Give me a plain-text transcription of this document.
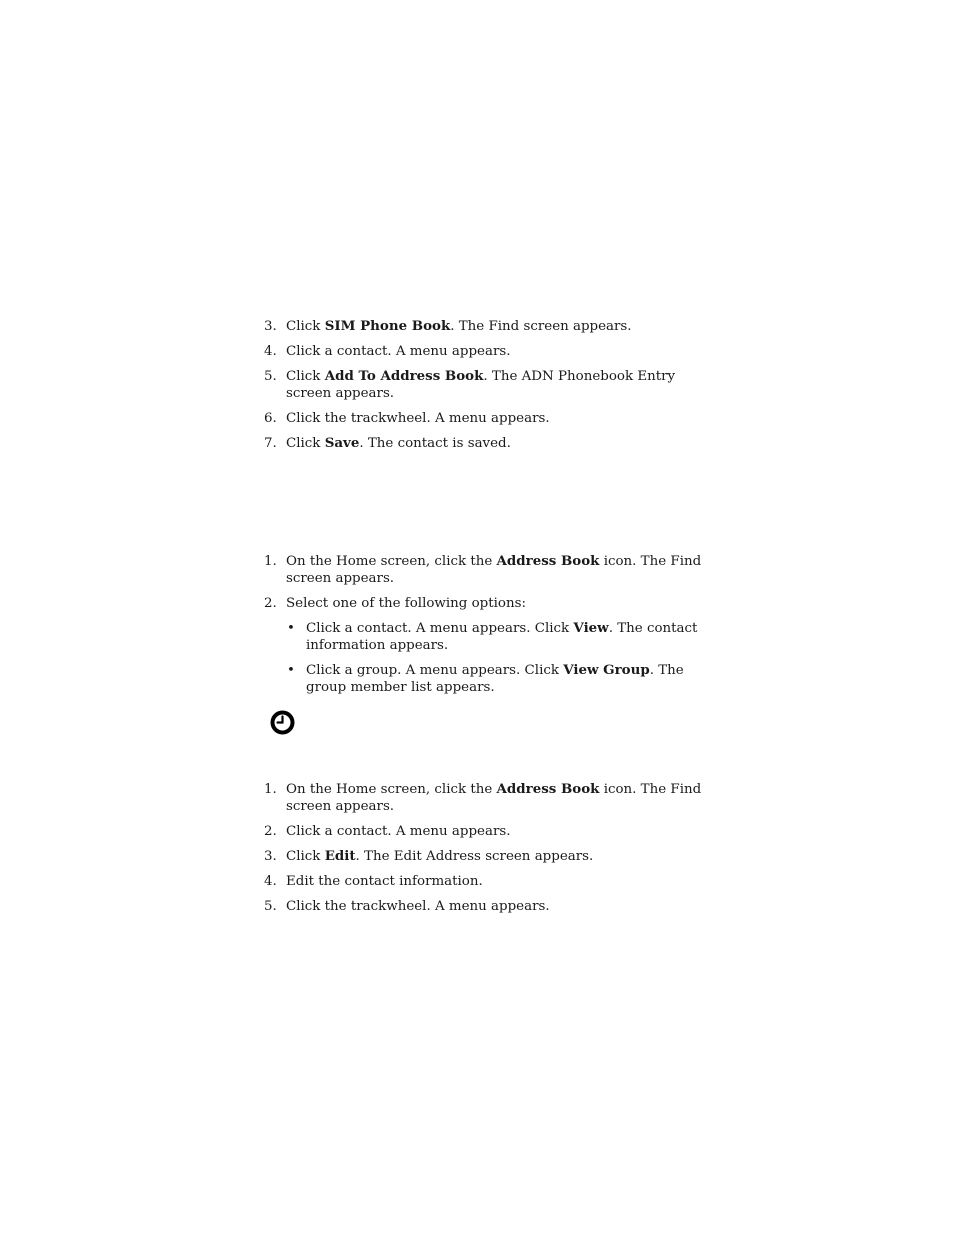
3. Click SIM Phone Book. The Find screen appears.
4. Click a contact. A menu appears.
5. Click Add To Address Book. The ADN Phonebook Entry screen appears.
6. Click the trackwheel. A menu appears.
7. Click Save. The contact is saved.
1. On the Home screen, click the Address Book icon. The Find screen appears.
2. Select one of the following options:
• Click a contact. A menu appears. Click View. The contact information appears.
• Click a group. A menu appears. Click View Group. The group member list appears.
1. On the Home screen, click the Address Book icon. The Find screen appears.
2. Click a contact. A menu appears.
3. Click Edit. The Edit Address screen appears.
4. Edit the contact information.
5. Click the trackwheel. A menu appears.
